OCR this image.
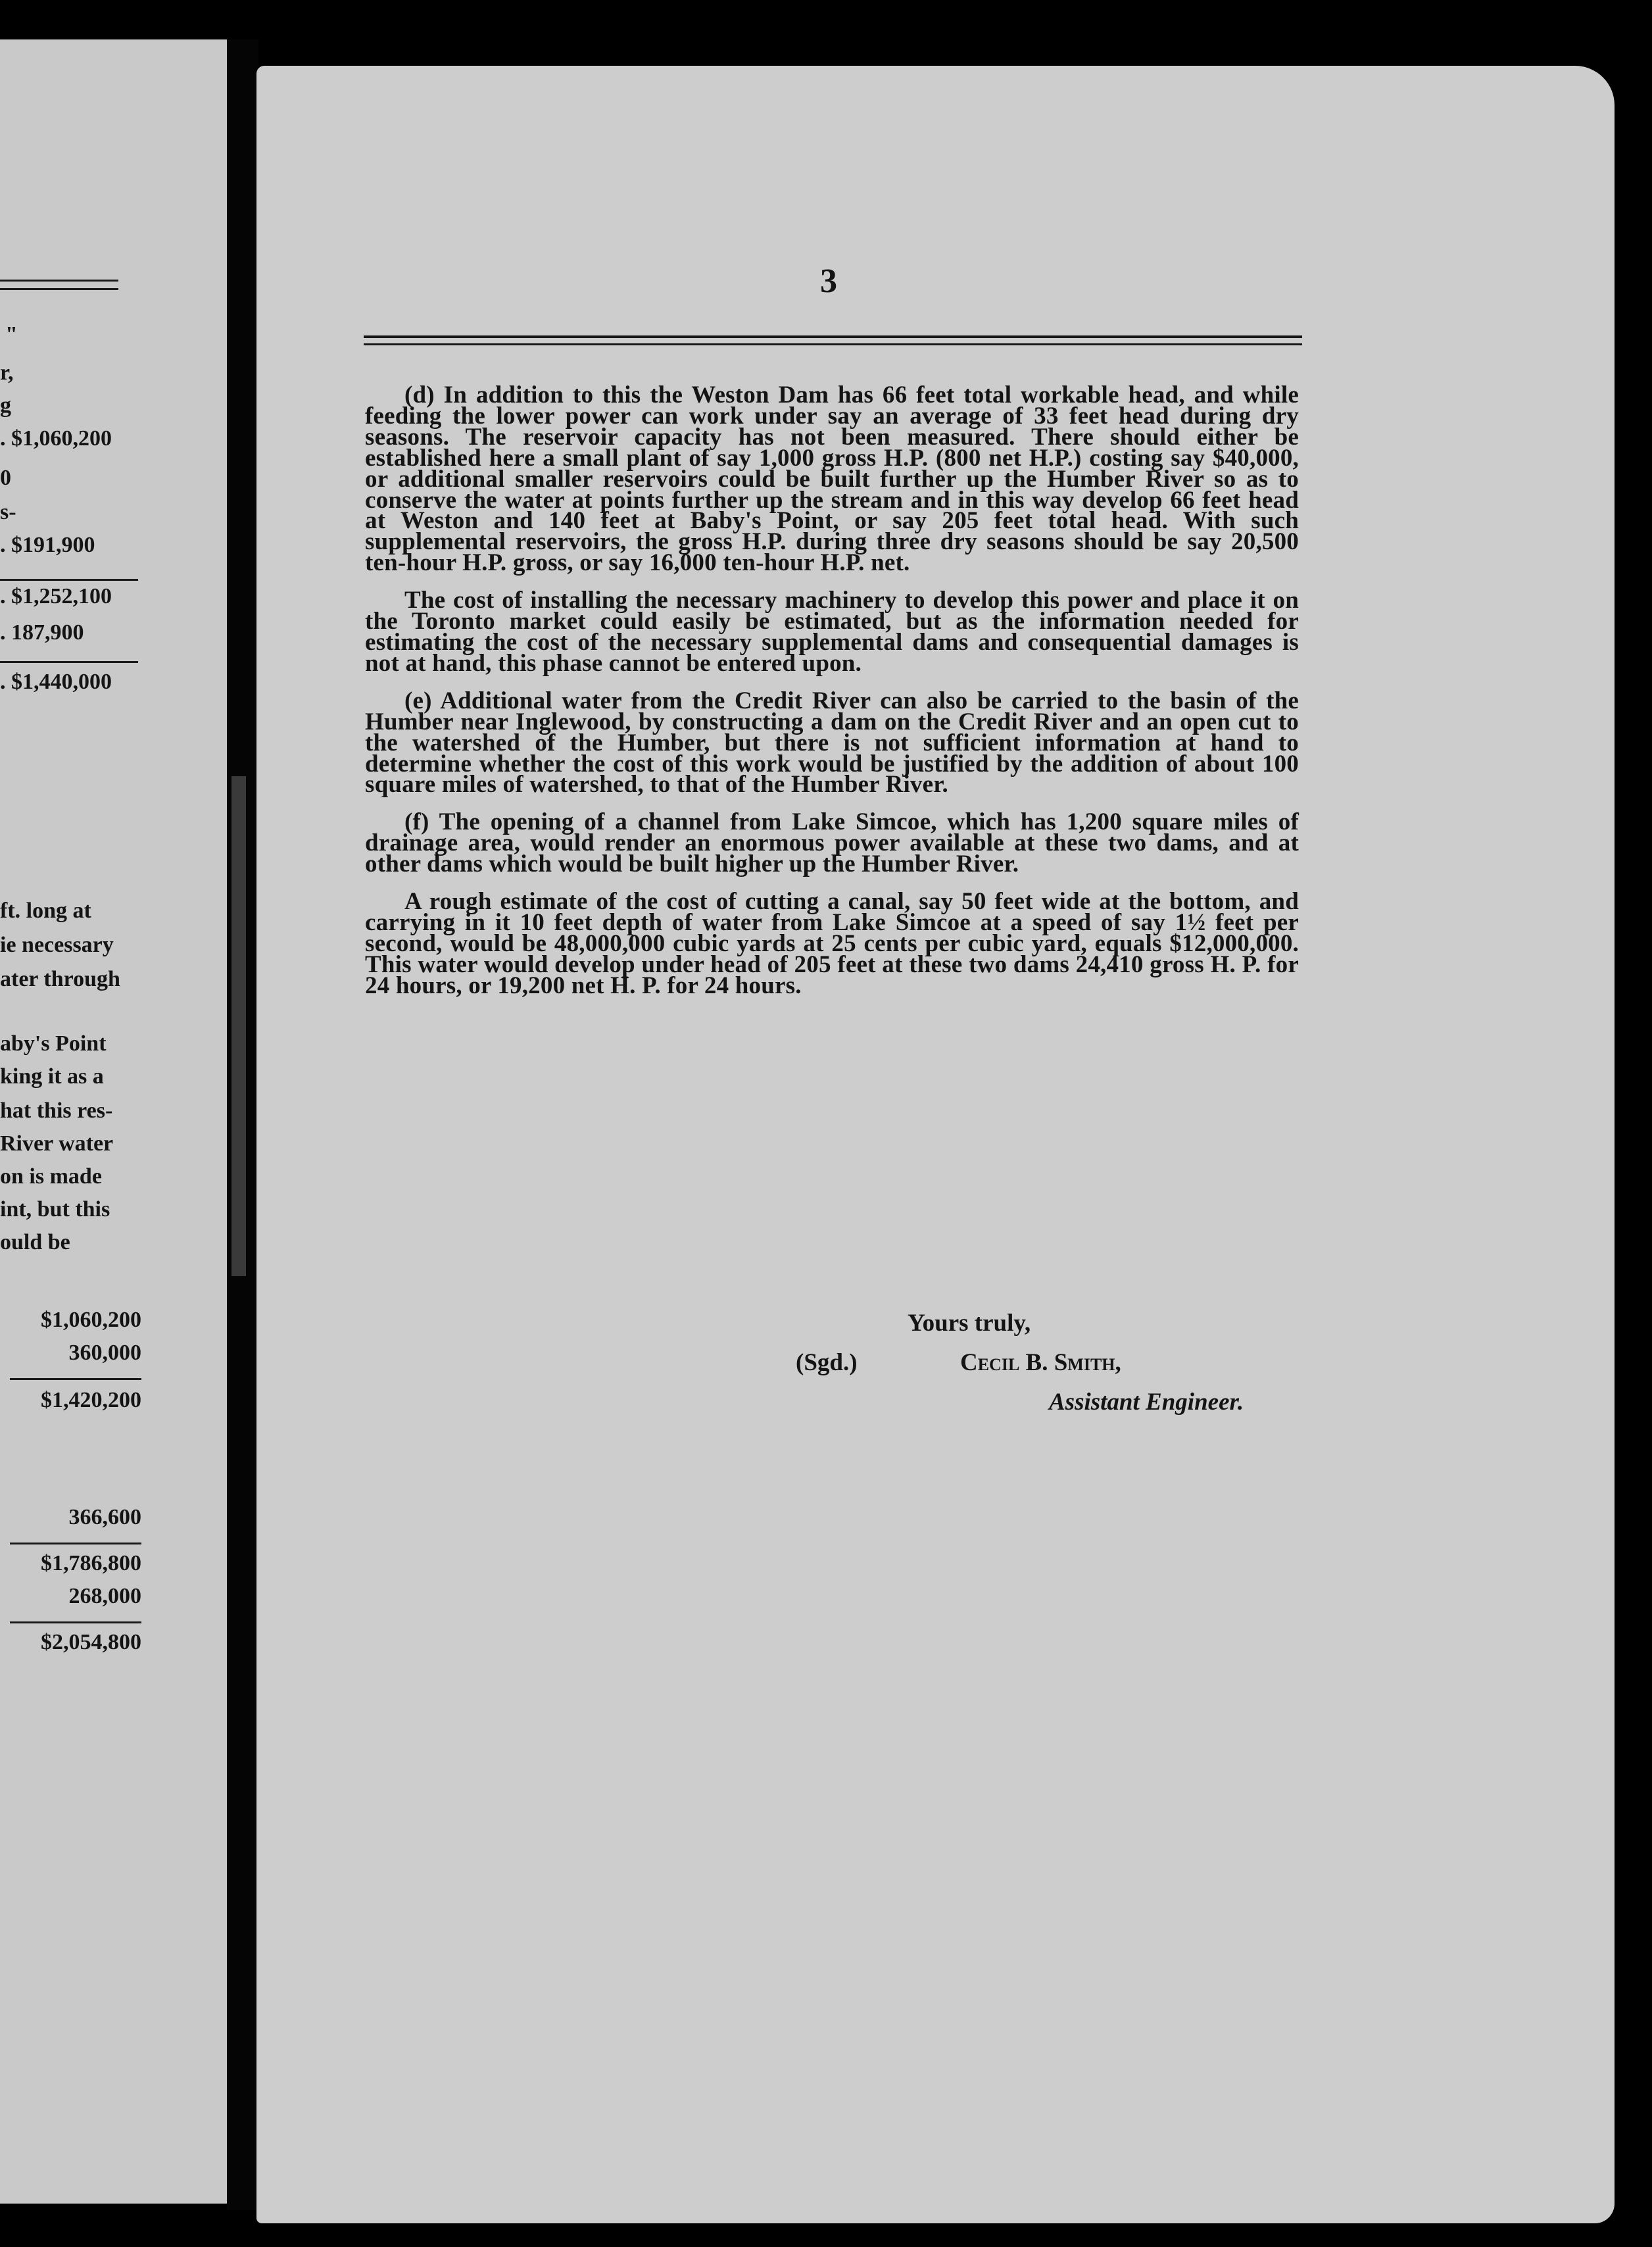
"
r,
g
. $1,060,200
0
s-
. $191,900
. $1,252,100
. 187,900
. $1,440,000
ft. long at
ie necessary
ater through
aby's Point
king it as a
hat this res-
River water
on is made
int, but this
ould be
$1,060,200
360,000
$1,420,200
366,600
$1,786,800
268,000
$2,054,800
3

(d) In addition to this the Weston Dam has 66 feet total workable head, and while feeding the lower power can work under say an average of 33 feet head during dry seasons. The reservoir capacity has not been measured. There should either be established here a small plant of say 1,000 gross H.P. (800 net H.P.) costing say $40,000, or additional smaller reservoirs could be built further up the Humber River so as to conserve the water at points further up the stream and in this way develop 66 feet head at Weston and 140 feet at Baby's Point, or say 205 feet total head. With such supplemental reservoirs, the gross H.P. during three dry seasons should be say 20,500 ten-hour H.P. gross, or say 16,000 ten-hour H.P. net.

The cost of installing the necessary machinery to develop this power and place it on the Toronto market could easily be estimated, but as the information needed for estimating the cost of the necessary supplemental dams and consequential damages is not at hand, this phase cannot be entered upon.

(e) Additional water from the Credit River can also be carried to the basin of the Humber near Inglewood, by constructing a dam on the Credit River and an open cut to the watershed of the Humber, but there is not sufficient information at hand to determine whether the cost of this work would be justified by the addition of about 100 square miles of watershed, to that of the Humber River.

(f) The opening of a channel from Lake Simcoe, which has 1,200 square miles of drainage area, would render an enormous power available at these two dams, and at other dams which would be built higher up the Humber River.

A rough estimate of the cost of cutting a canal, say 50 feet wide at the bottom, and carrying in it 10 feet depth of water from Lake Simcoe at a speed of say 1½ feet per second, would be 48,000,000 cubic yards at 25 cents per cubic yard, equals $12,000,000. This water would develop under head of 205 feet at these two dams 24,410 gross H. P. for 24 hours, or 19,200 net H. P. for 24 hours.

Yours truly,
(Sgd.)	Cecil B. Smith,
Assistant Engineer.
